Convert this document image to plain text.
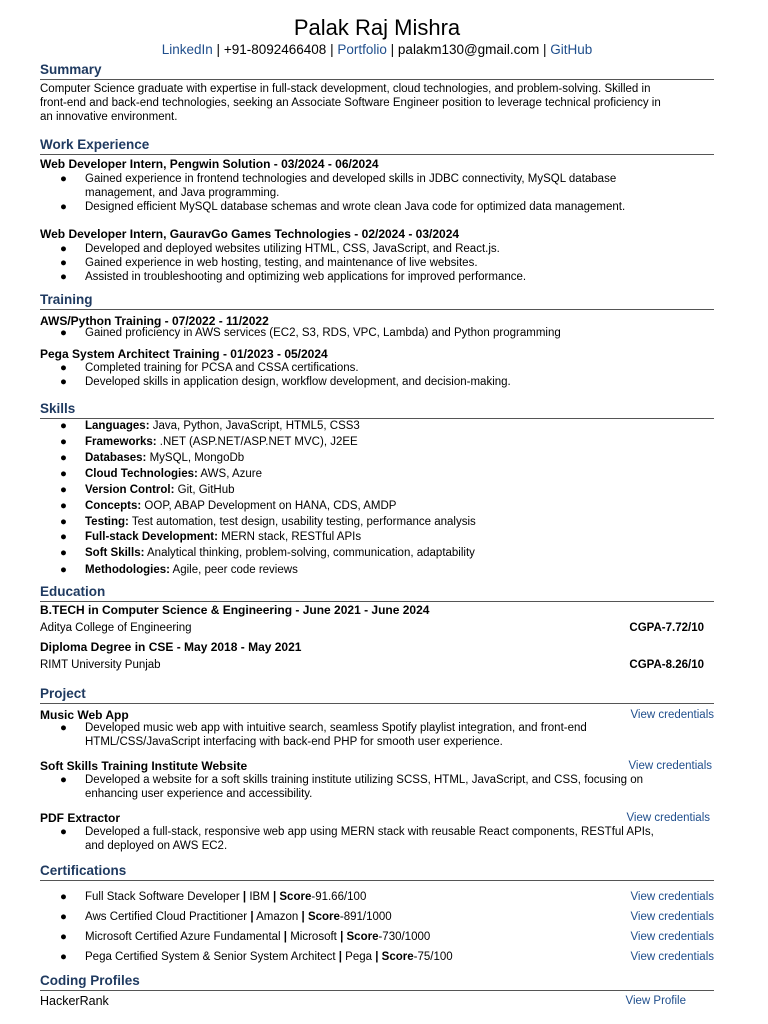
Palak Raj Mishra
LinkedIn | +91-8092466408 | Portfolio | palakm130@gmail.com | GitHub
Summary
Computer Science graduate with expertise in full-stack development, cloud technologies, and problem-solving. Skilled in
front-end and back-end technologies, seeking an Associate Software Engineer position to leverage technical proficiency in
an innovative environment.
Work Experience
Web Developer Intern, Pengwin Solution - 03/2024 - 06/2024
● Gained experience in frontend technologies and developed skills in JDBC connectivity, MySQL database
management, and Java programming.
● Designed efficient MySQL database schemas and wrote clean Java code for optimized data management.
Web Developer Intern, GauravGo Games Technologies - 02/2024 - 03/2024
● Developed and deployed websites utilizing HTML, CSS, JavaScript, and React.js.
● Gained experience in web hosting, testing, and maintenance of live websites.
● Assisted in troubleshooting and optimizing web applications for improved performance.
Training
AWS/Python Training - 07/2022 - 11/2022
● Gained proficiency in AWS services (EC2, S3, RDS, VPC, Lambda) and Python programming
Pega System Architect Training - 01/2023 - 05/2024
● Completed training for PCSA and CSSA certifications.
● Developed skills in application design, workflow development, and decision-making.
Skills
● Languages: Java, Python, JavaScript, HTML5, CSS3
● Frameworks: .NET (ASP.NET/ASP.NET MVC), J2EE
● Databases: MySQL, MongoDb
● Cloud Technologies: AWS, Azure
● Version Control: Git, GitHub
● Concepts: OOP, ABAP Development on HANA, CDS, AMDP
● Testing: Test automation, test design, usability testing, performance analysis
● Full-stack Development: MERN stack, RESTful APIs
● Soft Skills: Analytical thinking, problem-solving, communication, adaptability
● Methodologies: Agile, peer code reviews
Education
B.TECH in Computer Science & Engineering - June 2021 - June 2024
Aditya College of Engineering	CGPA-7.72/10
Diploma Degree in CSE - May 2018 - May 2021
RIMT University Punjab	CGPA-8.26/10
Project
Music Web App	View credentials
● Developed music web app with intuitive search, seamless Spotify playlist integration, and front-end
HTML/CSS/JavaScript interfacing with back-end PHP for smooth user experience.
Soft Skills Training Institute Website	View credentials
● Developed a website for a soft skills training institute utilizing SCSS, HTML, JavaScript, and CSS, focusing on
enhancing user experience and accessibility.
PDF Extractor	View credentials
● Developed a full-stack, responsive web app using MERN stack with reusable React components, RESTful APIs,
and deployed on AWS EC2.
Certifications
● Full Stack Software Developer | IBM | Score-91.66/100	View credentials
● Aws Certified Cloud Practitioner | Amazon | Score-891/1000	View credentials
● Microsoft Certified Azure Fundamental | Microsoft | Score-730/1000	View credentials
● Pega Certified System & Senior System Architect | Pega | Score-75/100	View credentials
Coding Profiles
HackerRank	View Profile
